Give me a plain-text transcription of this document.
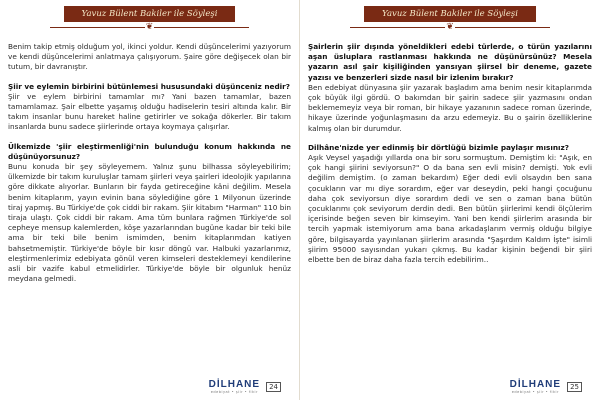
Yavuz Bülent Bakiler ile Söyleşi
❦

Benim takip etmiş olduğum yol, ikinci yoldur. Kendi düşüncelerimi yazıyorum ve kendi düşüncelerimi anlatmaya çalışıyorum. Şaire göre değişecek olan bir tutum, bir davranıştır.

Şiir ve eylemin birbirini bütünlemesi hususundaki düşünceniz nedir?
Şiir ve eylem birbirini tamamlar mı? Yani bazen tamamlar, bazen tamamlamaz. Şair elbette yaşamış olduğu hadiselerin tesiri altında kalır. Bir takım insanlar bunu hareket haline getirirler ve sokağa dökerler. Bir takım insanlarda bunu sadece şiirlerinde ortaya koymaya çalışırlar.

Ülkemizde 'şiir eleştirmenliği'nin bulunduğu konum hakkında ne düşünüyorsunuz?
Bunu konuda bir şey söyleyemem. Yalnız şunu bilhassa söyleyebilirim; ülkemizde bir takım kuruluşlar tamam şiirleri veya şairleri ideolojik yapılarına göre dikkate alıyorlar. Bunların bir fayda getireceğine kâni değilim. Mesela benim kitaplarım, yayın evinin bana söylediğine göre 1 Milyonun üzerinde tiraj yapmış. Bu Türkiye'de çok ciddi bir rakam. Şiir kitabım "Harman" 110 bin tiraja ulaştı. Çok ciddi bir rakam. Ama tüm bunlara rağmen Türkiye'de sol cepheye mensup kalemlerden, köşe yazarlarından bugüne kadar bir teki bile ama bir teki bile benim ismimden, benim kitaplarımdan katiyen bahsetmemiştir. Türkiye'de böyle bir kısır döngü var. Halbuki yazarlarımız, eleştirmenlerimiz edebiyata gönül veren kimseleri desteklemeyi kendilerine asli bir vazife kabul etmelidirler. Türkiye'de böyle bir olgunluk henüz meydana gelmedi.

DİLHANE
edebiyat • şiir • fikir
24
Yavuz Bülent Bakiler ile Söyleşi
❦

Şairlerin şiir dışında yöneldikleri edebi türlerde, o türün yazılarını aşan üsluplara rastlanması hakkında ne düşünürsünüz? Mesela yazarın asıl şair kişiliğinden yansıyan şiirsel bir deneme, gazete yazısı ve benzerleri sizde nasıl bir izlenim bırakır?
Ben edebiyat dünyasına şiir yazarak başladım ama benim nesir kitaplarımda çok büyük ilgi gördü. O bakımdan bir şairin sadece şiir yazmasını ondan beklememeyiz veya bir roman, bir hikaye yazanının sadece roman üzerinde, hikaye üzerinde yoğunlaşmasını da arzu edemeyiz. Bu o şairin özelliklerine kalmış olan bir durumdur.

Dilhâne'nizde yer edinmiş bir dörtlüğü bizimle paylaşır mısınız?
Aşık Veysel yaşadığı yıllarda ona bir soru sormuştum. Demiştim ki: "Aşık, en çok hangi şiirini seviyorsun?" O da bana sen evli misin? demişti. Yok evli değilim demiştim. (o zaman bekardım) Eğer dedi evli olsaydın ben sana çocukların var mı diye sorardım, eğer var deseydin, peki hangi çocuğunu daha çok seviyorsun diye sorardım dedi ve sen o zaman bana bütün çocuklarımı çok seviyorum derdin dedi. Ben bütün şiirlerimi kendi ölçülerim içerisinde beğen seven bir kimseyim. Yani ben kendi şiirlerim arasında bir tercih yapmak istemiyorum ama bana arkadaşlarım vermiş olduğu bilgiye göre, bilgisayarda yayınlanan şiirlerim arasında "Şaşırdım Kaldım İşte" isimli şiirim 95000 sayısından yukarı çıkmış. Bu kadar kişinin beğendi bir şiiri elbette ben de biraz daha fazla tercih edebilirim..

DİLHANE
edebiyat • şiir • fikir
25
